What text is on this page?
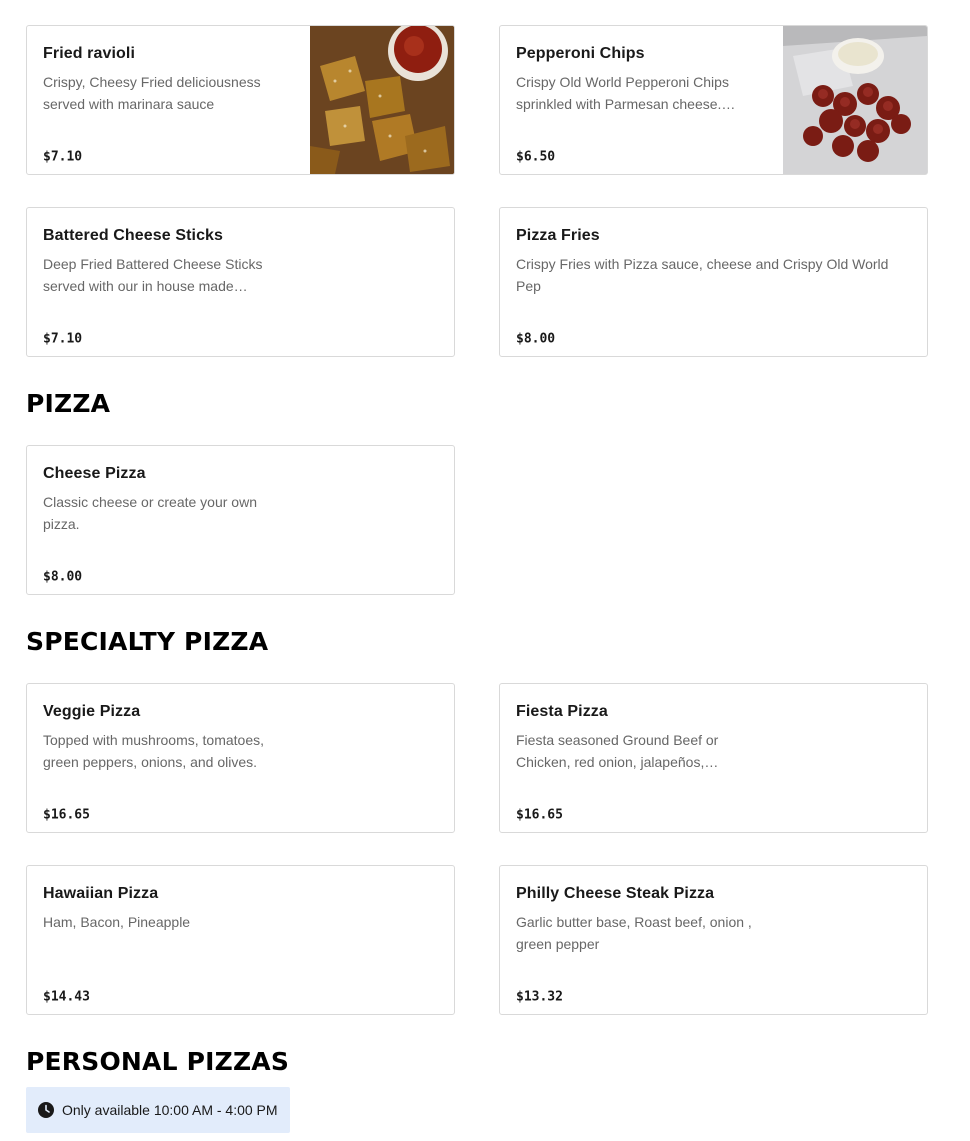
Fried ravioli
Crispy, Cheesy Fried deliciousness served with marinara sauce
$7.10
Pepperoni Chips
Crispy Old World Pepperoni Chips sprinkled with Parmesan cheese.…
$6.50
Battered Cheese Sticks
Deep Fried Battered Cheese Sticks served with our in house made…
$7.10
Pizza Fries
Crispy Fries with Pizza sauce, cheese and Crispy Old World Pep
$8.00
PIZZA
Cheese Pizza
Classic cheese or create your own pizza.
$8.00
SPECIALTY PIZZA
Veggie Pizza
Topped with mushrooms, tomatoes, green peppers, onions, and olives.
$16.65
Fiesta Pizza
Fiesta seasoned Ground Beef or Chicken, red onion, jalapeños,…
$16.65
Hawaiian Pizza
Ham, Bacon, Pineapple
$14.43
Philly Cheese Steak Pizza
Garlic butter base, Roast beef, onion , green pepper
$13.32
PERSONAL PIZZAS
Only available 10:00 AM - 4:00 PM
